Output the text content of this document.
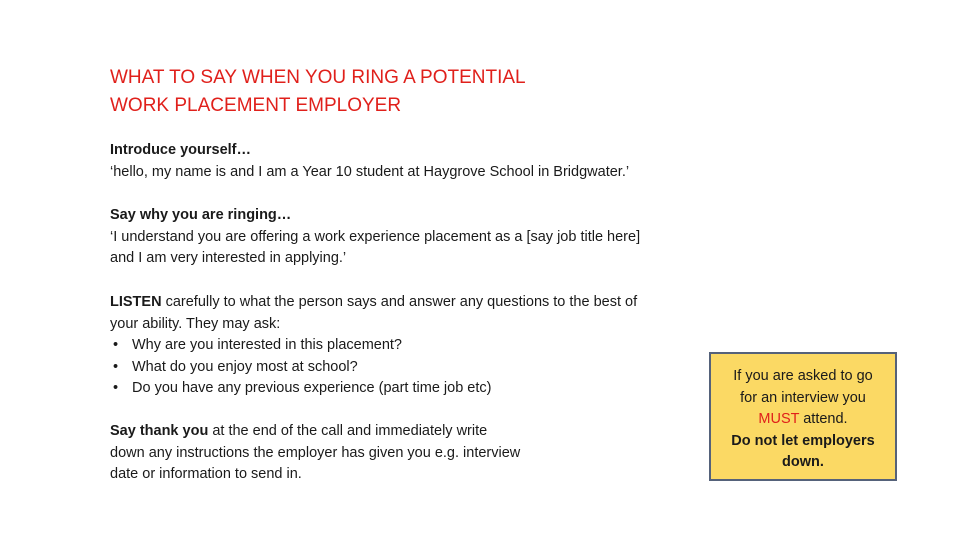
WHAT TO SAY WHEN YOU RING A POTENTIAL
WORK PLACEMENT EMPLOYER
Introduce yourself…
‘hello, my name is and I am a Year 10 student at Haygrove School in Bridgwater.’
Say why you are ringing…
‘I understand you are offering a work experience placement as a [say job title here]
and I am very interested in applying.’
LISTEN carefully to what the person says and answer any questions to the best of
your ability. They may ask:
• Why are you interested in this placement?
• What do you enjoy most at school?
• Do you have any previous experience (part time job etc)
Say thank you at the end of the call and immediately write
down any instructions the employer has given you e.g. interview
date or information to send in.
If you are asked to go
for an interview you
MUST attend.
Do not let employers
down.
